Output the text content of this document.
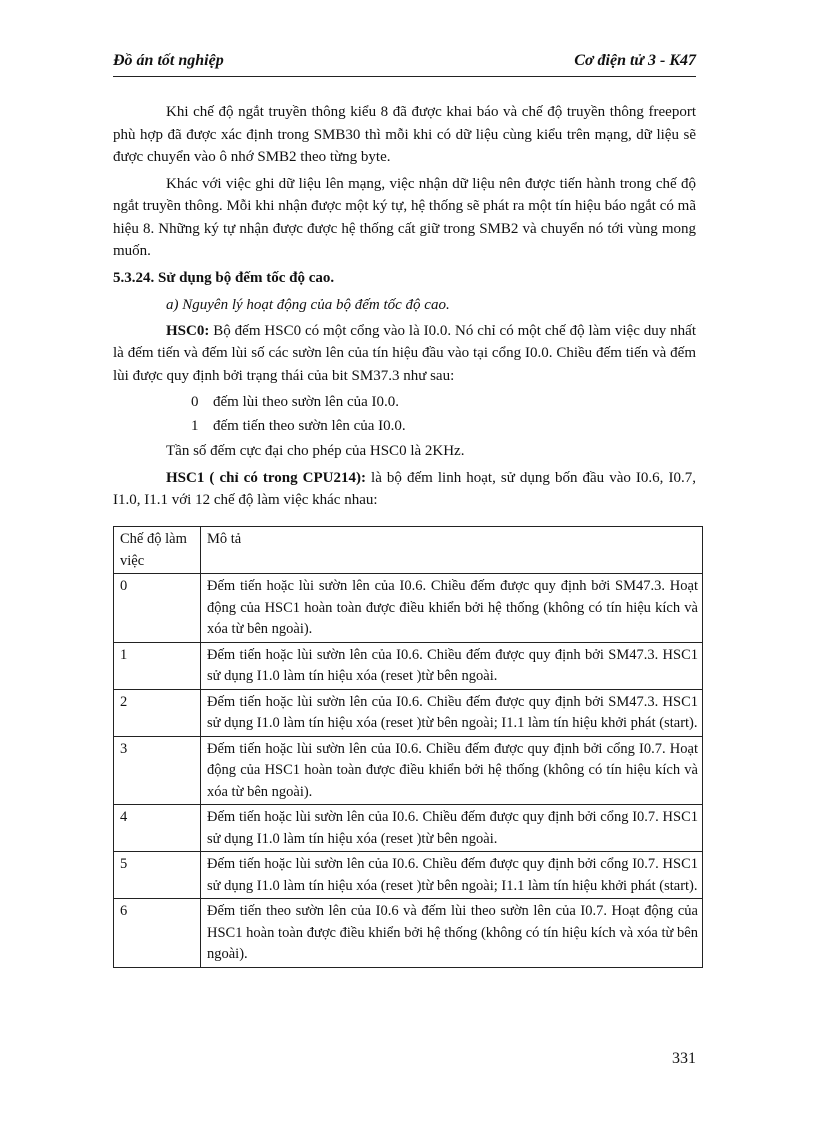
Đồ án tốt nghiệp	Cơ điện tử 3 - K47

Khi chế độ ngắt truyền thông kiểu 8 đã được khai báo và chế độ truyền thông freeport phù hợp đã được xác định trong SMB30 thì mỗi khi có dữ liệu cùng kiểu trên mạng, dữ liệu sẽ được chuyển vào ô nhớ SMB2 theo từng byte.

Khác với việc ghi dữ liệu lên mạng, việc nhận dữ liệu nên được tiến hành trong chế độ ngắt truyền thông. Mỗi khi nhận được một ký tự, hệ thống sẽ phát ra một tín hiệu báo ngắt có mã hiệu 8. Những ký tự nhận được được hệ thống cất giữ trong SMB2 và chuyển nó tới vùng mong muốn.

5.3.24. Sử dụng bộ đếm tốc độ cao.
a) Nguyên lý hoạt động của bộ đếm tốc độ cao.

HSC0: Bộ đếm HSC0 có một cổng vào là I0.0. Nó chỉ có một chế độ làm việc duy nhất là đếm tiến và đếm lùi số các sườn lên của tín hiệu đầu vào tại cổng I0.0. Chiều đếm tiến và đếm lùi được quy định bởi trạng thái của bit SM37.3 như sau:

0 đếm lùi theo sườn lên của I0.0.
1 đếm tiến theo sườn lên của I0.0.

Tần số đếm cực đại cho phép của HSC0 là 2KHz.

HSC1 ( chỉ có trong CPU214): là bộ đếm linh hoạt, sử dụng bốn đầu vào I0.6, I0.7, I1.0, I1.1 với 12 chế độ làm việc khác nhau:

Chế độ làm việc	Mô tả
0	Đếm tiến hoặc lùi sườn lên của I0.6. Chiều đếm được quy định bởi SM47.3. Hoạt động của HSC1 hoàn toàn được điều khiển bởi hệ thống (không có tín hiệu kích và xóa từ bên ngoài).
1	Đếm tiến hoặc lùi sườn lên của I0.6. Chiều đếm được quy định bởi SM47.3. HSC1 sử dụng I1.0 làm tín hiệu xóa (reset )từ bên ngoài.
2	Đếm tiến hoặc lùi sườn lên của I0.6. Chiều đếm được quy định bởi SM47.3. HSC1 sử dụng I1.0 làm tín hiệu xóa (reset )từ bên ngoài; I1.1 làm tín hiệu khởi phát (start).
3	Đếm tiến hoặc lùi sườn lên của I0.6. Chiều đếm được quy định bởi cổng I0.7. Hoạt động của HSC1 hoàn toàn được điều khiển bởi hệ thống (không có tín hiệu kích và xóa từ bên ngoài).
4	Đếm tiến hoặc lùi sườn lên của I0.6. Chiều đếm được quy định bởi cổng I0.7. HSC1 sử dụng I1.0 làm tín hiệu xóa (reset )từ bên ngoài.
5	Đếm tiến hoặc lùi sườn lên của I0.6. Chiều đếm được quy định bởi cổng I0.7. HSC1 sử dụng I1.0 làm tín hiệu xóa (reset )từ bên ngoài; I1.1 làm tín hiệu khởi phát (start).
6	Đếm tiến theo sườn lên của I0.6 và đếm lùi theo sườn lên của I0.7. Hoạt động của HSC1 hoàn toàn được điều khiển bởi hệ thống (không có tín hiệu kích và xóa từ bên ngoài).
331
